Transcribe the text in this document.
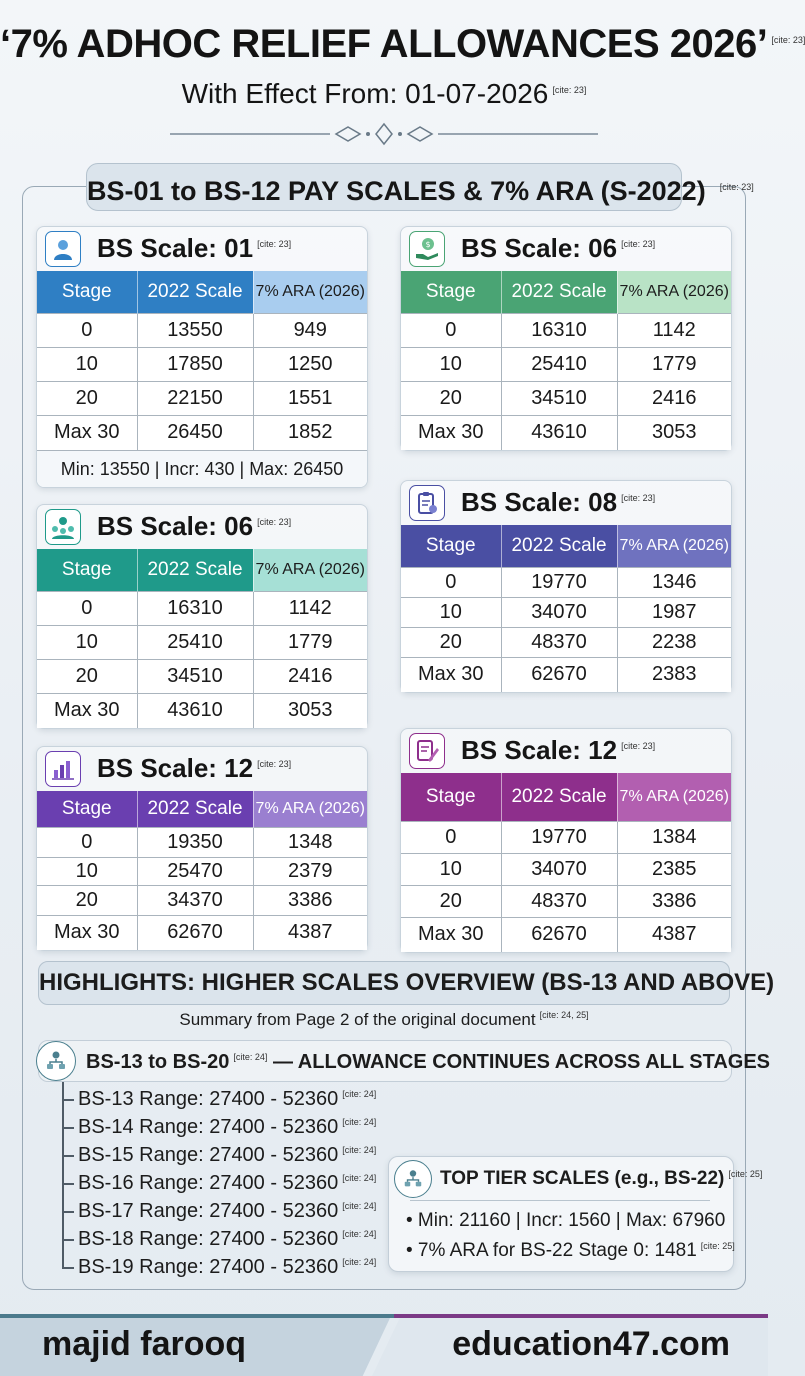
‘7% ADHOC RELIEF ALLOWANCES 2026’ [cite: 23]
With Effect From: 01-07-2026 [cite: 23]
BS-01 to BS-12 PAY SCALES & 7% ARA (S-2022) [cite: 23]
BS Scale: 01 [cite: 23]
Stage	2022 Scale	7% ARA (2026)
0	13550	949
10	17850	1250
20	22150	1551
Max 30	26450	1852
Min: 13550 | Incr: 430 | Max: 26450
$ BS Scale: 06 [cite: 23]
Stage	2022 Scale	7% ARA (2026)
0	16310	1142
10	25410	1779
20	34510	2416
Max 30	43610	3053
BS Scale: 06 [cite: 23]
Stage	2022 Scale	7% ARA (2026)
0	16310	1142
10	25410	1779
20	34510	2416
Max 30	43610	3053
BS Scale: 08 [cite: 23]
Stage	2022 Scale	7% ARA (2026)
0	19770	1346
10	34070	1987
20	48370	2238
Max 30	62670	2383
BS Scale: 12 [cite: 23]
Stage	2022 Scale	7% ARA (2026)
0	19350	1348
10	25470	2379
20	34370	3386
Max 30	62670	4387
BS Scale: 12 [cite: 23]
Stage	2022 Scale	7% ARA (2026)
0	19770	1384
10	34070	2385
20	48370	3386
Max 30	62670	4387
HIGHLIGHTS: HIGHER SCALES OVERVIEW (BS-13 AND ABOVE)
Summary from Page 2 of the original document [cite: 24, 25]
BS-13 to BS-20 [cite: 24] — ALLOWANCE CONTINUES ACROSS ALL STAGES
BS-13 Range: 27400 - 52360 [cite: 24]
BS-14 Range: 27400 - 52360 [cite: 24]
BS-15 Range: 27400 - 52360 [cite: 24]
BS-16 Range: 27400 - 52360 [cite: 24]
BS-17 Range: 27400 - 52360 [cite: 24]
BS-18 Range: 27400 - 52360 [cite: 24]
BS-19 Range: 27400 - 52360 [cite: 24]
TOP TIER SCALES (e.g., BS-22) [cite: 25]
• Min: 21160 | Incr: 1560 | Max: 67960
• 7% ARA for BS-22 Stage 0: 1481 [cite: 25]
majid farooq	education47.com
